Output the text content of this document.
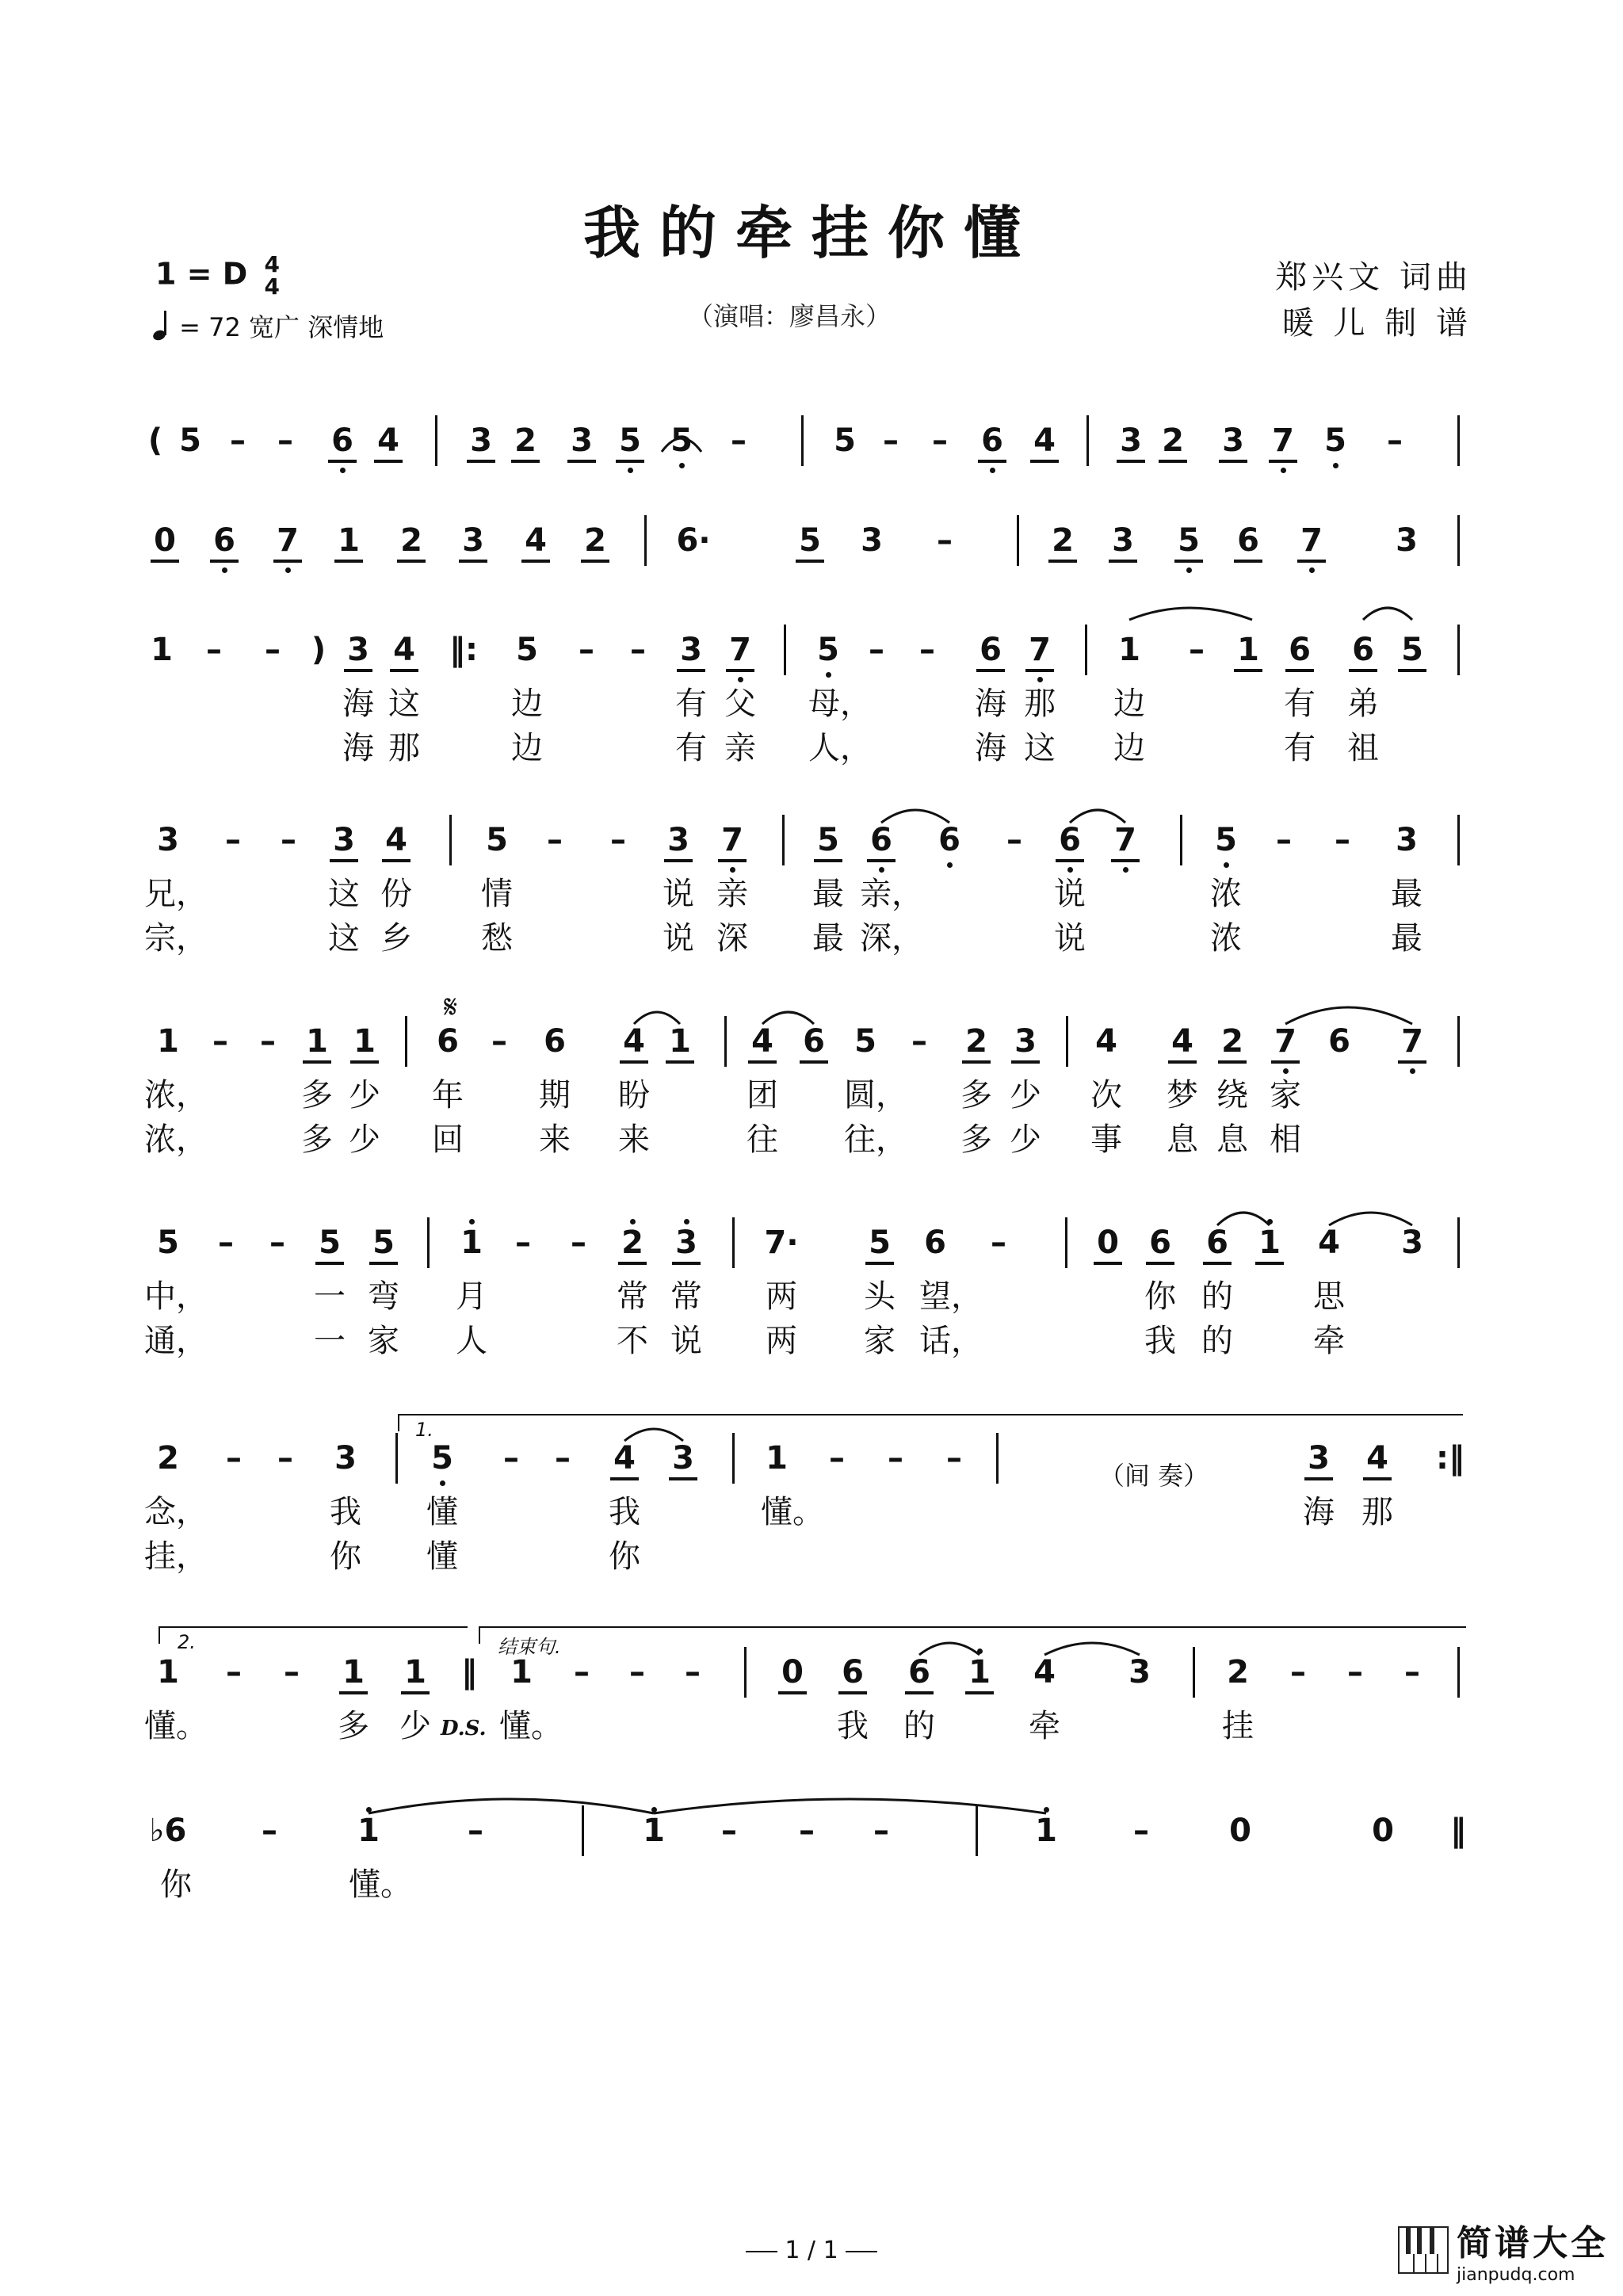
我的牵挂你懂
1 = D 4
4
= 72 宽广 深情地	（演唱：廖昌永）
郑兴文 词曲
暖 儿 制 谱
( 5 – – 6 4 3 2 3 5 5 –	5 – – 6 4 3 2 3 7 5 –
0 6 7 1 2 3 4 2 6·	5 3 –	2 3 5 6 7 3
1 – – ) 3 4 ‖: 5 – – 3 7 5 – – 6 7 1 – 1 6 6 5
海 这	边	有 父 母，	海 那 边	有 弟
海 那	边	有 亲 人，	海 这 边	有 祖
3 – – 3 4 5 – – 3 7 5 6 6 – 6 7 5 – – 3
兄，	这 份 情	说 亲 最 亲，	说	浓	最
宗，	这 乡 愁	说 深 最 深，	说	浓	最
1 – – 1 1 6 – 6 4 1 4 6 5 – 2 3 4 4 2 7 6 7
浓，	多 少 年 期 盼	团 圆， 多 少 次 梦 绕 家
浓，	多 少 回 来 来	往 往， 多 少 事 息 息 相
5 – – 5 5 1 – – 2 3 7· 5 6 –	0 6 6 1 4 3
中，	一 弯 月	常 常 两 头 望，	你 的	思
通，	一 家 人	不 说 两 家 话，	我 的	牵
2 – – 3 5 – – 4 3 1 – – –	3 4 :‖
念，	我 懂	我	懂。	海 那
挂，	你 懂	你
1 – – 1 1 ‖ 1 – – –	0 6 6 1 4 3 2 – – –
懂。	多 少 懂。	我 的	牵	挂
♭6 –	1	–	1 – – –	1 –	0	0 ‖
你	懂。
𝄋
1.
（间 奏）
2.	结束句.
D.S.
1 / 1	简谱大全
jianpudq.com
